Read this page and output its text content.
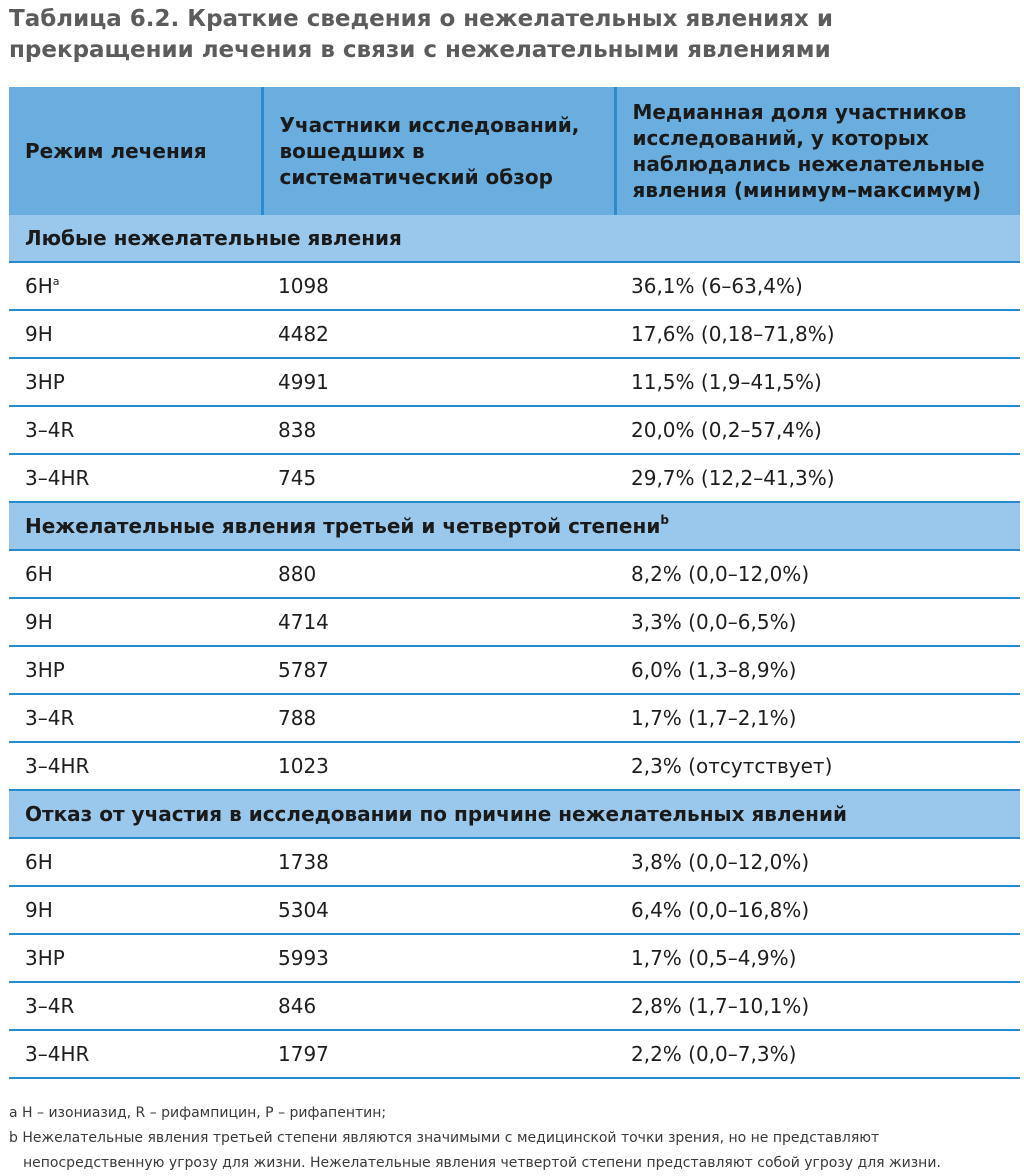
Таблица 6.2. Краткие сведения о нежелательных явлениях и прекращении лечения в связи с нежелательными явлениями
Режим лечения	Участники исследований, вошедших в систематический обзор	Медианная доля участников исследований, у которых наблюдались нежелательные явления (минимум–максимум)
Любые нежелательные явления		
$6H^a$	1098	36,1% (6–63,4%)
9H	4482	17,6% (0,18–71,8%)
3HP	4991	11,5% (1,9–41,5%)
3–4R	838	20,0% (0,2–57,4%)
3–4HR	745	29,7% (12,2–41,3%)
Нежелательные явления третьей и четвертой степени$^b$
6H	880	8,2% (0,0–12,0%)
9H	4714	3,3% (0,0–6,5%)
3HP	5787	6,0% (1,3–8,9%)
3–4R	788	1,7% (1,7–2,1%)
3–4HR	1023	2,3% (отсутствует)
Отказ от участия в исследовании по причине нежелательных явлений		
6H	1738	3,8% (0,0–12,0%)
9H	5304	6,4% (0,0–16,8%)
3HP	5993	1,7% (0,5–4,9%)
3–4R	846	2,8% (1,7–10,1%)
3–4HR	1797	2,2% (0,0–7,3%)

a H – изониазид, R – рифампицин, P – рифапентин;

b Нежелательные явления третьей степени являются значимыми с медицинской точки зрения, но не представляют непосредственную угрозу для жизни. Нежелательные явления четвертой степени представляют собой угрозу для жизни.
